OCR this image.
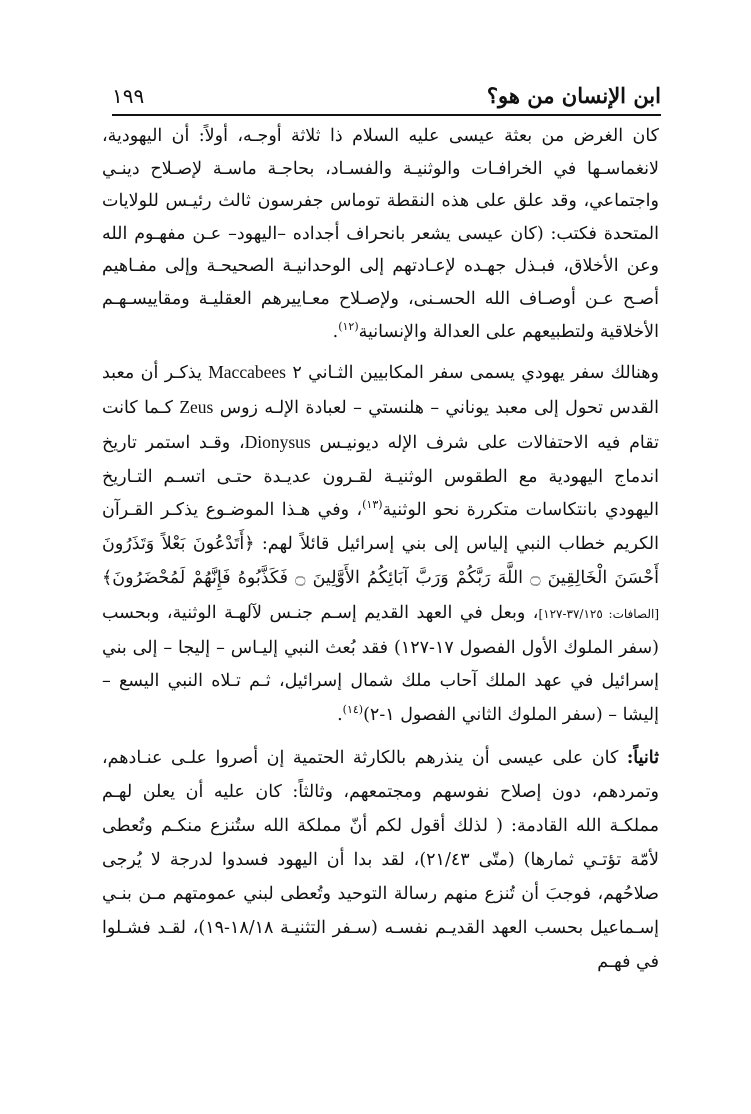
ابن الإنسان من هو؟
١٩٩

كان الغرض من بعثة عيسى عليه السلام ذا ثلاثة أوجـه، أولاً: أن اليهودية، لانغماسـها في الخرافـات والوثنيـة والفسـاد، بحاجـة ماسـة لإصـلاح دينـي واجتماعي، وقد علق على هذه النقطة توماس جفرسون ثالث رئيـس للولايات المتحدة فكتب: (كان عيسى يشعر بانحراف أجداده –اليهود– عـن مفهـوم الله وعن الأخلاق، فبـذل جهـده لإعـادتهم إلى الوحدانيـة الصحيحـة وإلى مفـاهيم أصـح عـن أوصـاف الله الحسـنى، ولإصـلاح معـاييرهم العقليـة ومقاييسـهـم الأخلاقية ولتطبيعهم على العدالة والإنسانية$^{(١٢)}$.

وهنالك سفر يهودي يسمى سفر المكابيين الثـاني ٢ Maccabees يذكـر أن معبد القدس تحول إلى معبد يوناني – هلنستي – لعبادة الإلـه زوس Zeus كـما كانت تقام فيه الاحتفالات على شرف الإله ديونيـس Dionysus، وقـد استمر تاريخ اندماج اليهودية مع الطقوس الوثنيـة لقـرون عديـدة حتـى اتسـم التـاريخ اليهودي بانتكاسات متكررة نحو الوثنية$^{(١٣)}$، وفي هـذا الموضـوع يذكـر القـرآن الكريم خطاب النبي إلياس إلى بني إسرائيل قائلاً لهم: ﴿أَتَدْعُونَ بَعْلاً وَتَذَرُونَ أَحْسَنَ الْخَالِقِينَ ۝ اللَّهَ رَبَّكُمْ وَرَبَّ آبَائِكُمُ الأَوَّلِينَ ۝ فَكَذَّبُوهُ فَإِنَّهُمْ لَمُحْضَرُونَ﴾ [الصافات: ٣٧/١٢٥-١٢٧]، وبعل في العهد القديم إسـم جنـس لآلهـة الوثنية، وبحسب (سفر الملوك الأول الفصول ١٧-١٢٧) فقد بُعث النبي إليـاس – إليجا – إلى بني إسرائيل في عهد الملك آحاب ملك شمال إسرائيل، ثـم تـلاه النبي اليسع – إليشا – (سفر الملوك الثاني الفصول ١-٢)$^{(١٤)}$.

ثانياً: كان على عيسى أن ينذرهم بالكارثة الحتمية إن أصروا علـى عنـادهم، وتمردهم، دون إصلاح نفوسهم ومجتمعهم، وثالثاً: كان عليه أن يعلن لهـم مملكـة الله القادمة: ( لذلك أقول لكم أنّ مملكة الله ستُنزع منكـم وتُعطى لأمّة تؤتـي ثمارها) (متّى ٢١/٤٣)، لقد بدا أن اليهود فسدوا لدرجة لا يُرجى صلاحُهم، فوجبَ أن تُنزع منهم رسالة التوحيد وتُعطى لبني عمومتهم مـن بنـي إسـماعيل بحسب العهد القديـم نفسـه (سـفر التثنيـة ١٨/١٨-١٩)، لقـد فشـلوا في فهـم
